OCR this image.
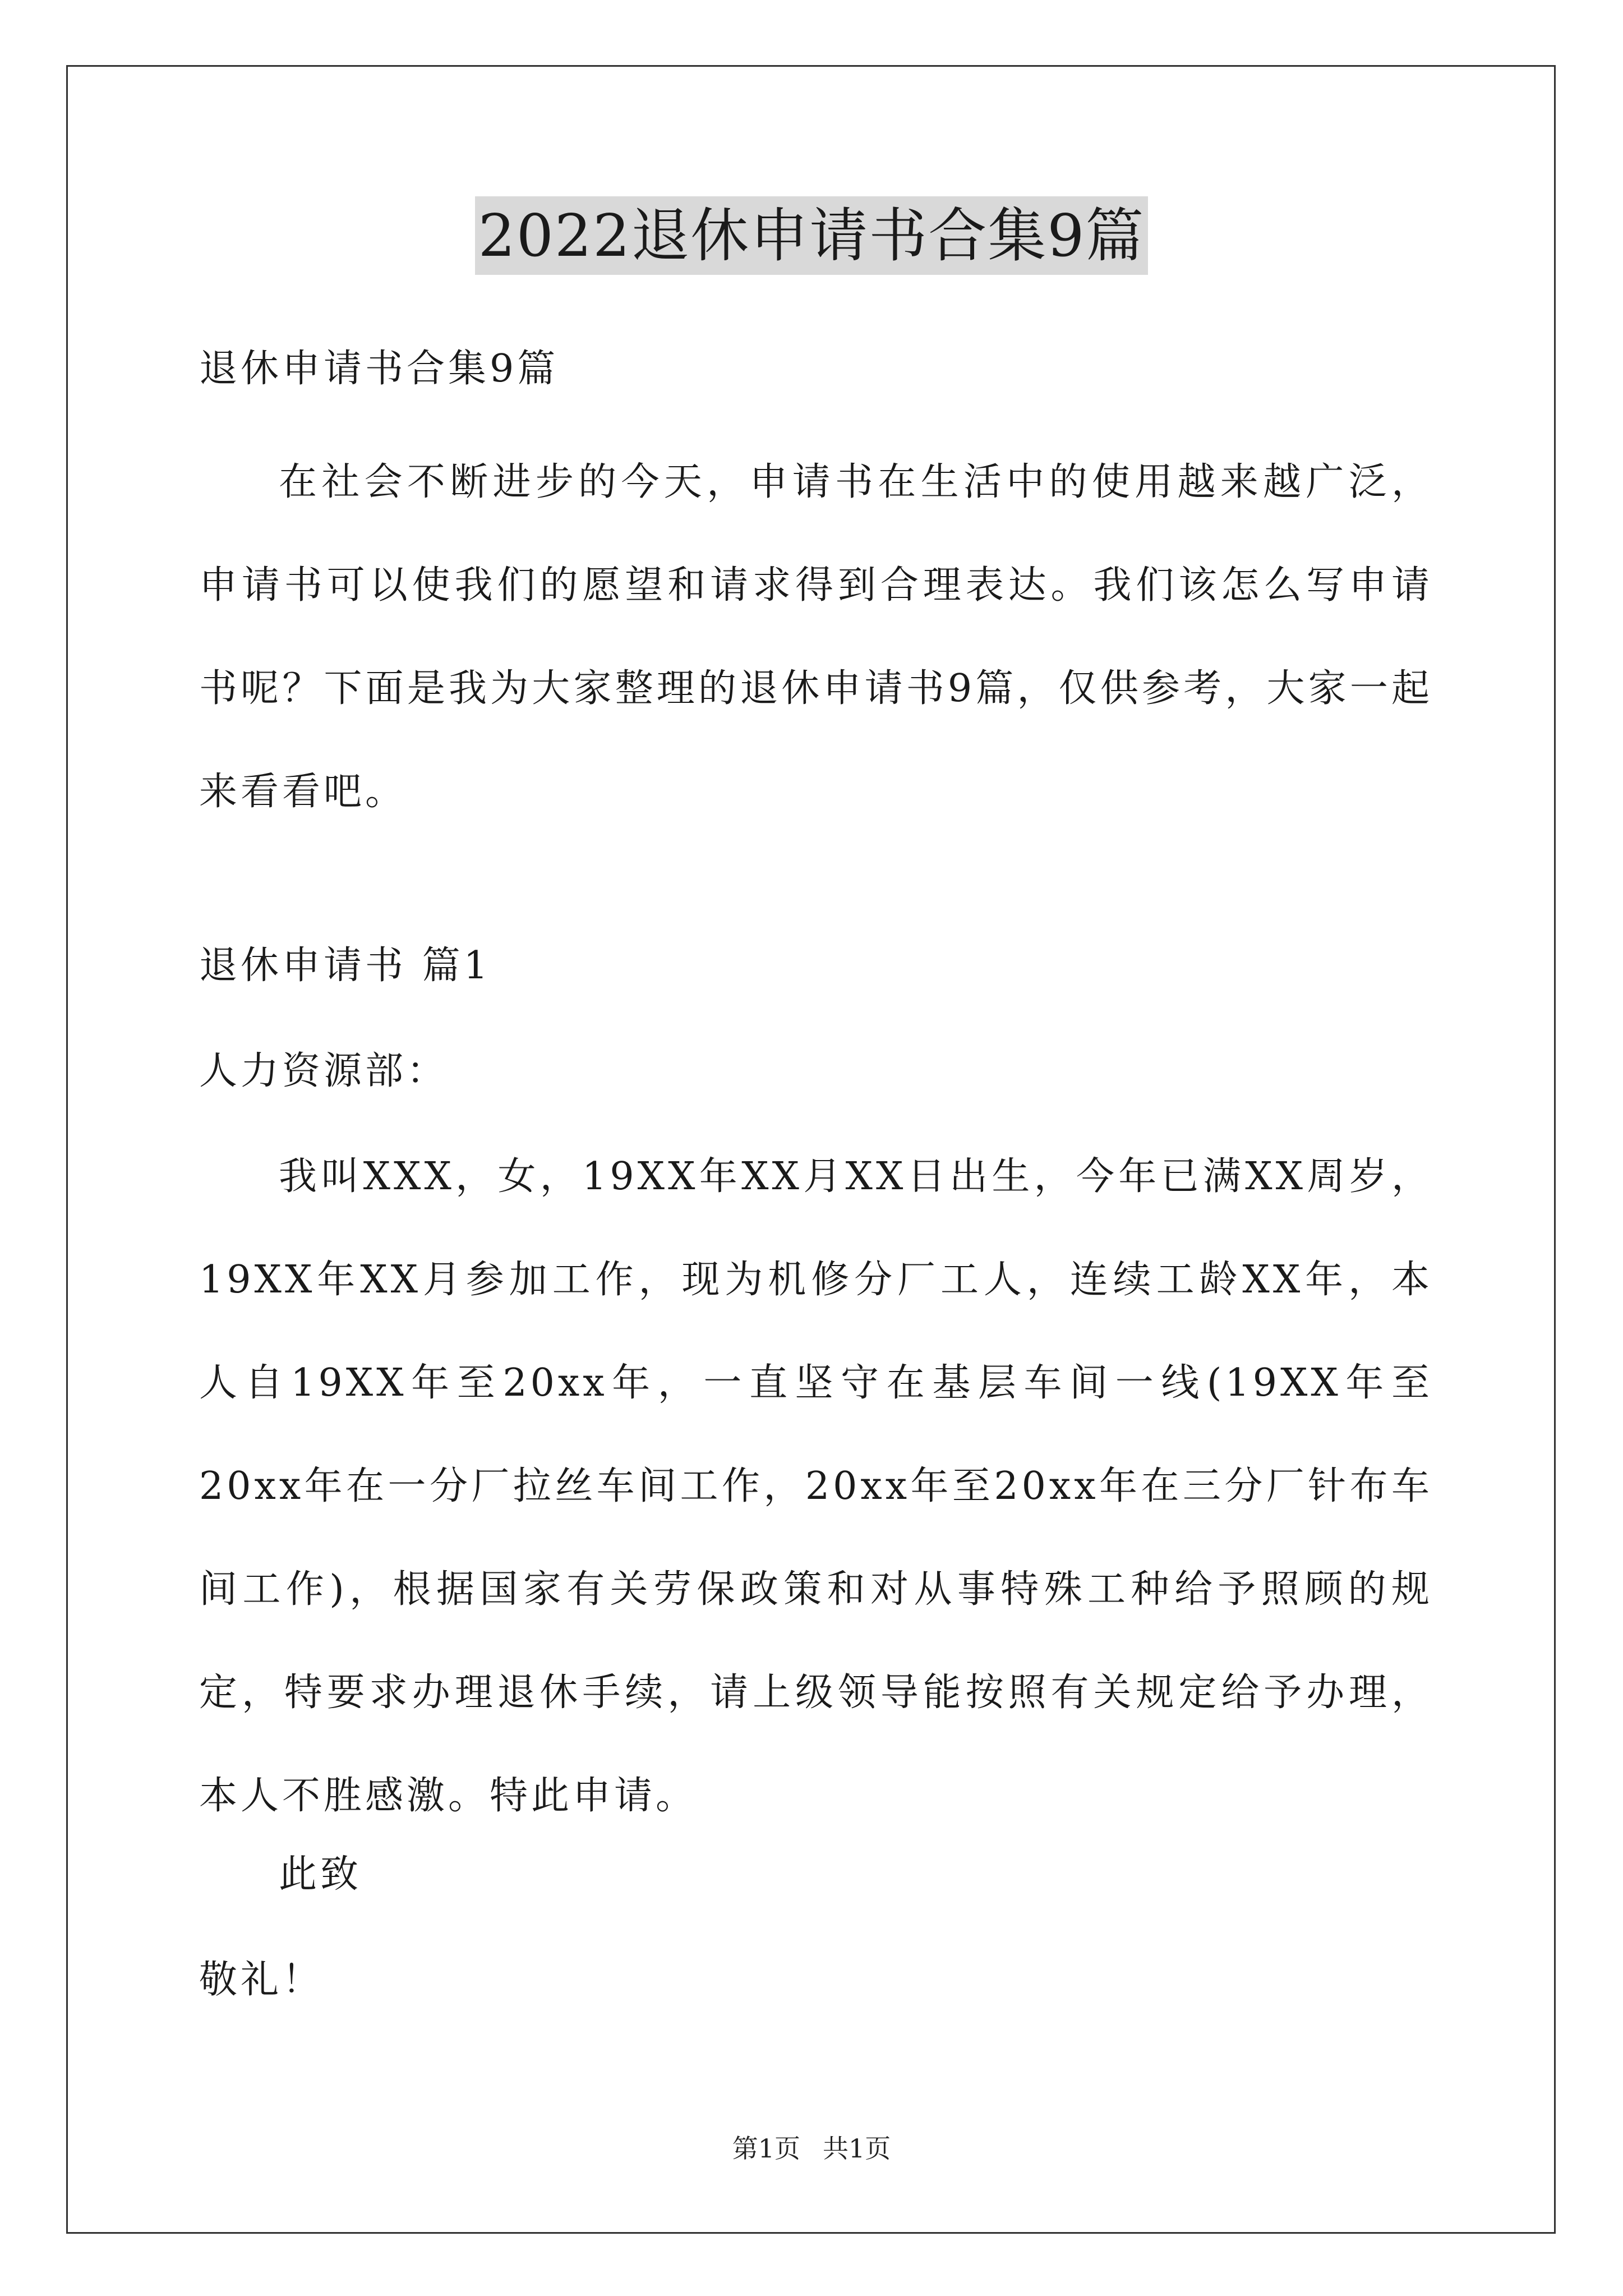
2022退休申请书合集9篇
退休申请书合集9篇

在社会不断进步的今天，申请书在生活中的使用越来越广泛，申请书可以使我们的愿望和请求得到合理表达。我们该怎么写申请书呢？下面是我为大家整理的退休申请书9篇，仅供参考，大家一起来看看吧。

退休申请书 篇1
人力资源部：

我叫XXX，女，19XX年XX月XX日出生，今年已满XX周岁，19XX年XX月参加工作，现为机修分厂工人，连续工龄XX年，本人自19XX年至20xx年，一直坚守在基层车间一线(19XX年至20xx年在一分厂拉丝车间工作，20xx年至20xx年在三分厂针布车间工作)，根据国家有关劳保政策和对从事特殊工种给予照顾的规定，特要求办理退休手续，请上级领导能按照有关规定给予办理，本人不胜感激。特此申请。

此致
敬礼！
第1页 共1页
